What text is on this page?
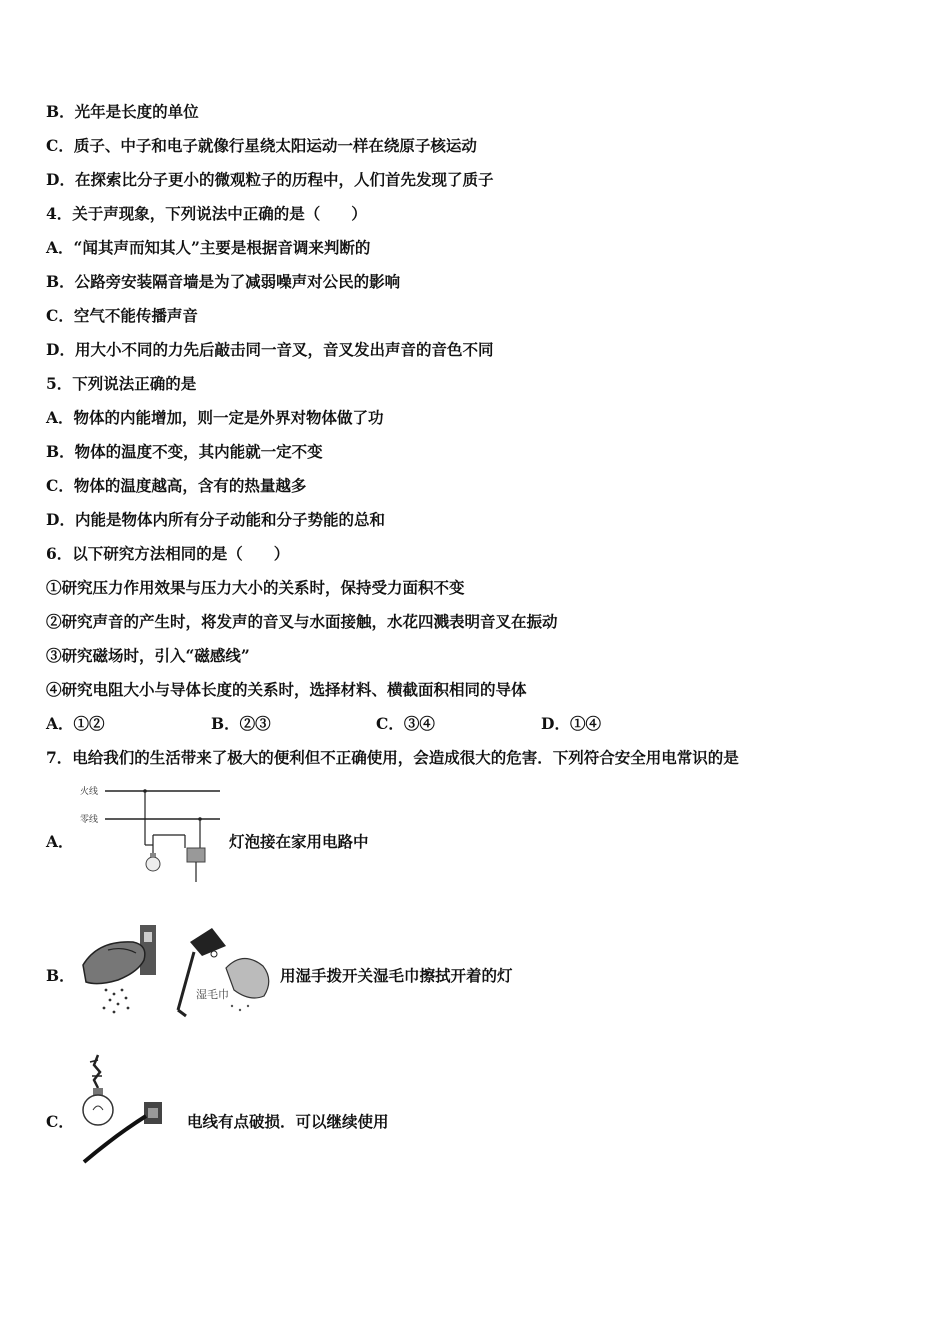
B．光年是长度的单位
C．质子、中子和电子就像行星绕太阳运动一样在绕原子核运动
D．在探索比分子更小的微观粒子的历程中，人们首先发现了质子
4．关于声现象，下列说法中正确的是（　　）
A．“闻其声而知其人”主要是根据音调来判断的
B．公路旁安装隔音墙是为了减弱噪声对公民的影响
C．空气不能传播声音
D．用大小不同的力先后敲击同一音叉，音叉发出声音的音色不同
5．下列说法正确的是
A．物体的内能增加，则一定是外界对物体做了功
B．物体的温度不变，其内能就一定不变
C．物体的温度越高，含有的热量越多
D．内能是物体内所有分子动能和分子势能的总和
6．以下研究方法相同的是（　　）
①研究压力作用效果与压力大小的关系时，保持受力面积不变
②研究声音的产生时，将发声的音叉与水面接触，水花四溅表明音叉在振动
③研究磁场时，引入“磁感线”
④研究电阻大小与导体长度的关系时，选择材料、横截面积相同的导体
A．①②	B．②③	C．③④	D．①④
7．电给我们的生活带来了极大的便利但不正确使用，会造成很大的危害．下列符合安全用电常识的是
A．
火线
零线
灯泡接在家用电路中
B．
湿毛巾
用湿手拨开关湿毛巾擦拭开着的灯
C．	电线有点破损．可以继续使用
